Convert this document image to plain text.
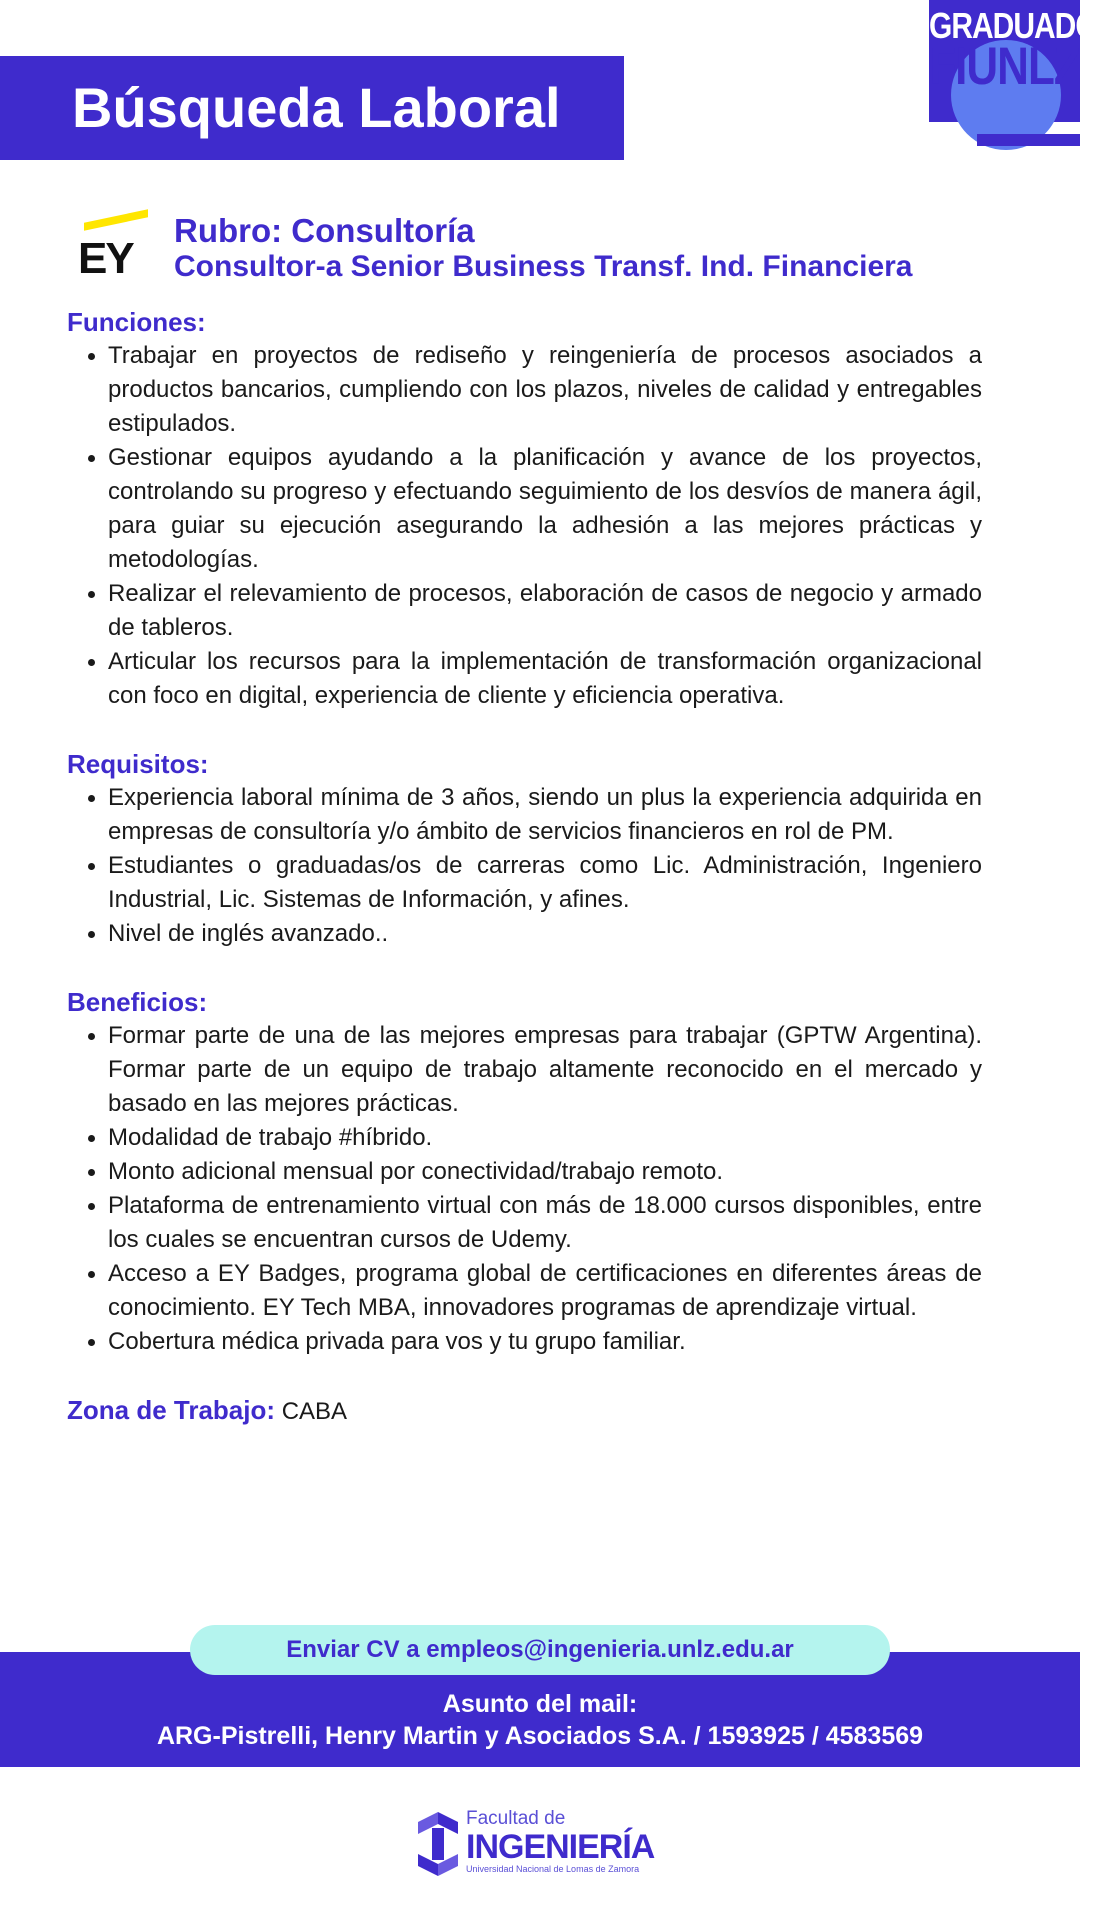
Búsqueda Laboral
GRADUADOS
FIUNLZ
EY
Rubro: Consultoría
Consultor-a Senior Business Transf. Ind. Financiera

Funciones:

• Trabajar en proyectos de rediseño y reingeniería de procesos asociados a productos bancarios, cumpliendo con los plazos, niveles de calidad y entregables estipulados.
• Gestionar equipos ayudando a la planificación y avance de los proyectos, controlando su progreso y efectuando seguimiento de los desvíos de manera ágil, para guiar su ejecución asegurando la adhesión a las mejores prácticas y metodologías.
• Realizar el relevamiento de procesos, elaboración de casos de negocio y armado de tableros.
• Articular los recursos para la implementación de transformación organizacional con foco en digital, experiencia de cliente y eficiencia operativa.

Requisitos:

• Experiencia laboral mínima de 3 años, siendo un plus la experiencia adquirida en empresas de consultoría y/o ámbito de servicios financieros en rol de PM.
• Estudiantes o graduadas/os de carreras como Lic. Administración, Ingeniero Industrial, Lic. Sistemas de Información, y afines.
• Nivel de inglés avanzado..

Beneficios:

• Formar parte de una de las mejores empresas para trabajar (GPTW Argentina). Formar parte de un equipo de trabajo altamente reconocido en el mercado y basado en las mejores prácticas.
• Modalidad de trabajo #híbrido.
• Monto adicional mensual por conectividad/trabajo remoto.
• Plataforma de entrenamiento virtual con más de 18.000 cursos disponibles, entre los cuales se encuentran cursos de Udemy.
• Acceso a EY Badges, programa global de certificaciones en diferentes áreas de conocimiento. EY Tech MBA, innovadores programas de aprendizaje virtual.
• Cobertura médica privada para vos y tu grupo familiar.
Zona de Trabajo: CABA
Enviar CV a empleos@ingenieria.unlz.edu.ar
Asunto del mail:
ARG-Pistrelli, Henry Martin y Asociados S.A. / 1593925 / 4583569
Facultad de
INGENIERÍA
Universidad Nacional de Lomas de Zamora
